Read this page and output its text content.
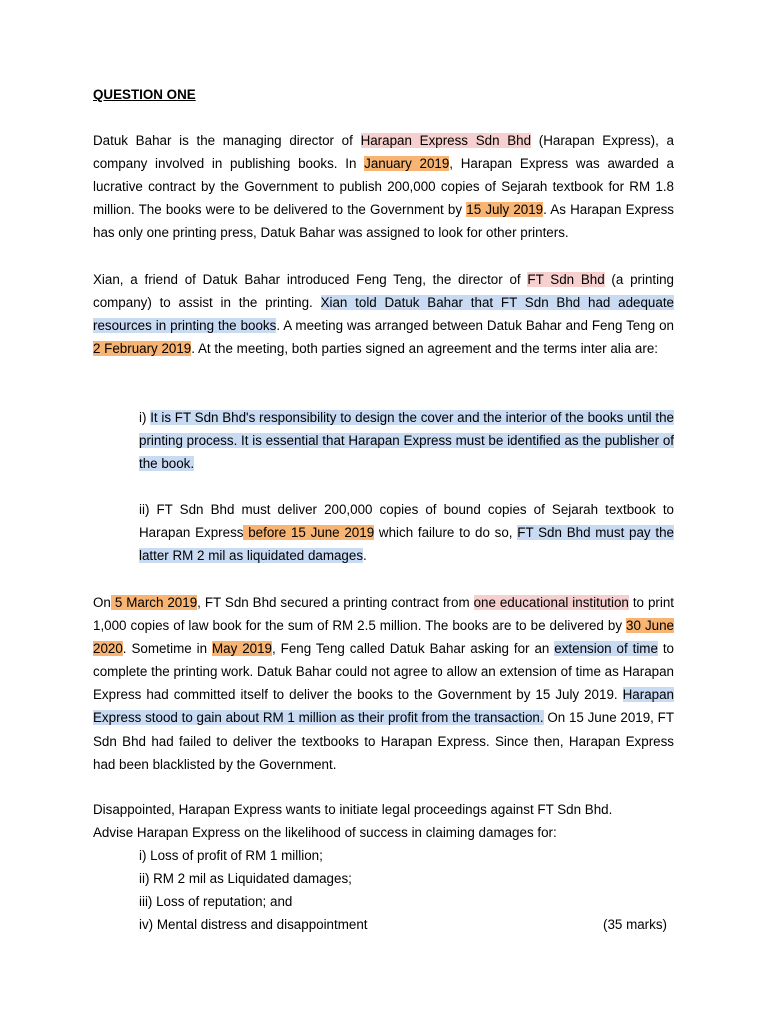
QUESTION ONE
Datuk Bahar is the managing director of Harapan Express Sdn Bhd (Harapan Express), a company involved in publishing books. In January 2019, Harapan Express was awarded a lucrative contract by the Government to publish 200,000 copies of Sejarah textbook for RM 1.8 million. The books were to be delivered to the Government by 15 July 2019. As Harapan Express has only one printing press, Datuk Bahar was assigned to look for other printers.
Xian, a friend of Datuk Bahar introduced Feng Teng, the director of FT Sdn Bhd (a printing company) to assist in the printing. Xian told Datuk Bahar that FT Sdn Bhd had adequate resources in printing the books. A meeting was arranged between Datuk Bahar and Feng Teng on 2 February 2019. At the meeting, both parties signed an agreement and the terms inter alia are:
i) It is FT Sdn Bhd's responsibility to design the cover and the interior of the books until the printing process. It is essential that Harapan Express must be identified as the publisher of the book.
ii) FT Sdn Bhd must deliver 200,000 copies of bound copies of Sejarah textbook to Harapan Express before 15 June 2019 which failure to do so, FT Sdn Bhd must pay the latter RM 2 mil as liquidated damages.
On 5 March 2019, FT Sdn Bhd secured a printing contract from one educational institution to print 1,000 copies of law book for the sum of RM 2.5 million. The books are to be delivered by 30 June 2020. Sometime in May 2019, Feng Teng called Datuk Bahar asking for an extension of time to complete the printing work. Datuk Bahar could not agree to allow an extension of time as Harapan Express had committed itself to deliver the books to the Government by 15 July 2019. Harapan Express stood to gain about RM 1 million as their profit from the transaction. On 15 June 2019, FT Sdn Bhd had failed to deliver the textbooks to Harapan Express. Since then, Harapan Express had been blacklisted by the Government.
Disappointed, Harapan Express wants to initiate legal proceedings against FT Sdn Bhd.
Advise Harapan Express on the likelihood of success in claiming damages for:
i) Loss of profit of RM 1 million;
ii) RM 2 mil as Liquidated damages;
iii) Loss of reputation; and
iv) Mental distress and disappointment	(35 marks)
